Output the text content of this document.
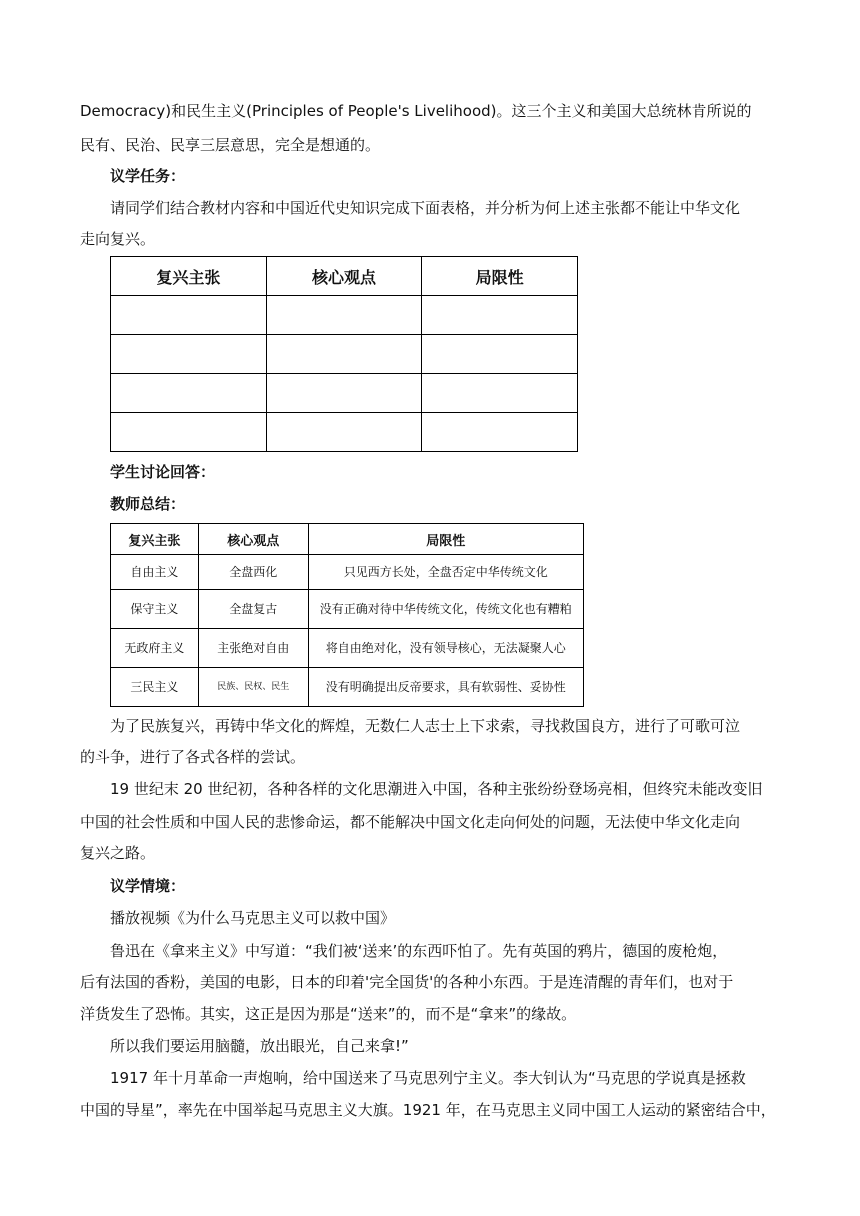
Democracy)和民生主义(Principles of People's Livelihood)。这三个主义和美国大总统林肯所说的

民有、民治、民享三层意思，完全是想通的。

议学任务：

请同学们结合教材内容和中国近代史知识完成下面表格，并分析为何上述主张都不能让中华文化

走向复兴。

复兴主张	核心观点	局限性

学生讨论回答：

教师总结：

复兴主张	核心观点	局限性
自由主义	全盘西化	只见西方长处，全盘否定中华传统文化
保守主义	全盘复古	没有正确对待中华传统文化，传统文化也有糟粕
无政府主义	主张绝对自由	将自由绝对化，没有领导核心，无法凝聚人心
三民主义	民族、民权、民生	没有明确提出反帝要求，具有软弱性、妥协性

为了民族复兴，再铸中华文化的辉煌，无数仁人志士上下求索，寻找救国良方，进行了可歌可泣

的斗争，进行了各式各样的尝试。

19 世纪末 20 世纪初，各种各样的文化思潮进入中国，各种主张纷纷登场亮相，但终究未能改变旧

中国的社会性质和中国人民的悲惨命运，都不能解决中国文化走向何处的问题，无法使中华文化走向

复兴之路。

议学情境：

播放视频《为什么马克思主义可以救中国》

鲁迅在《拿来主义》中写道：“我们被‘送来’的东西吓怕了。先有英国的鸦片，德国的废枪炮，

后有法国的香粉，美国的电影，日本的印着'完全国货'的各种小东西。于是连清醒的青年们，也对于

洋货发生了恐怖。其实，这正是因为那是“送来”的，而不是“拿来”的缘故。

所以我们要运用脑髓，放出眼光，自己来拿!”

1917 年十月革命一声炮响，给中国送来了马克思列宁主义。李大钊认为“马克思的学说真是拯救

中国的导星”，率先在中国举起马克思主义大旗。1921 年，在马克思主义同中国工人运动的紧密结合中，
